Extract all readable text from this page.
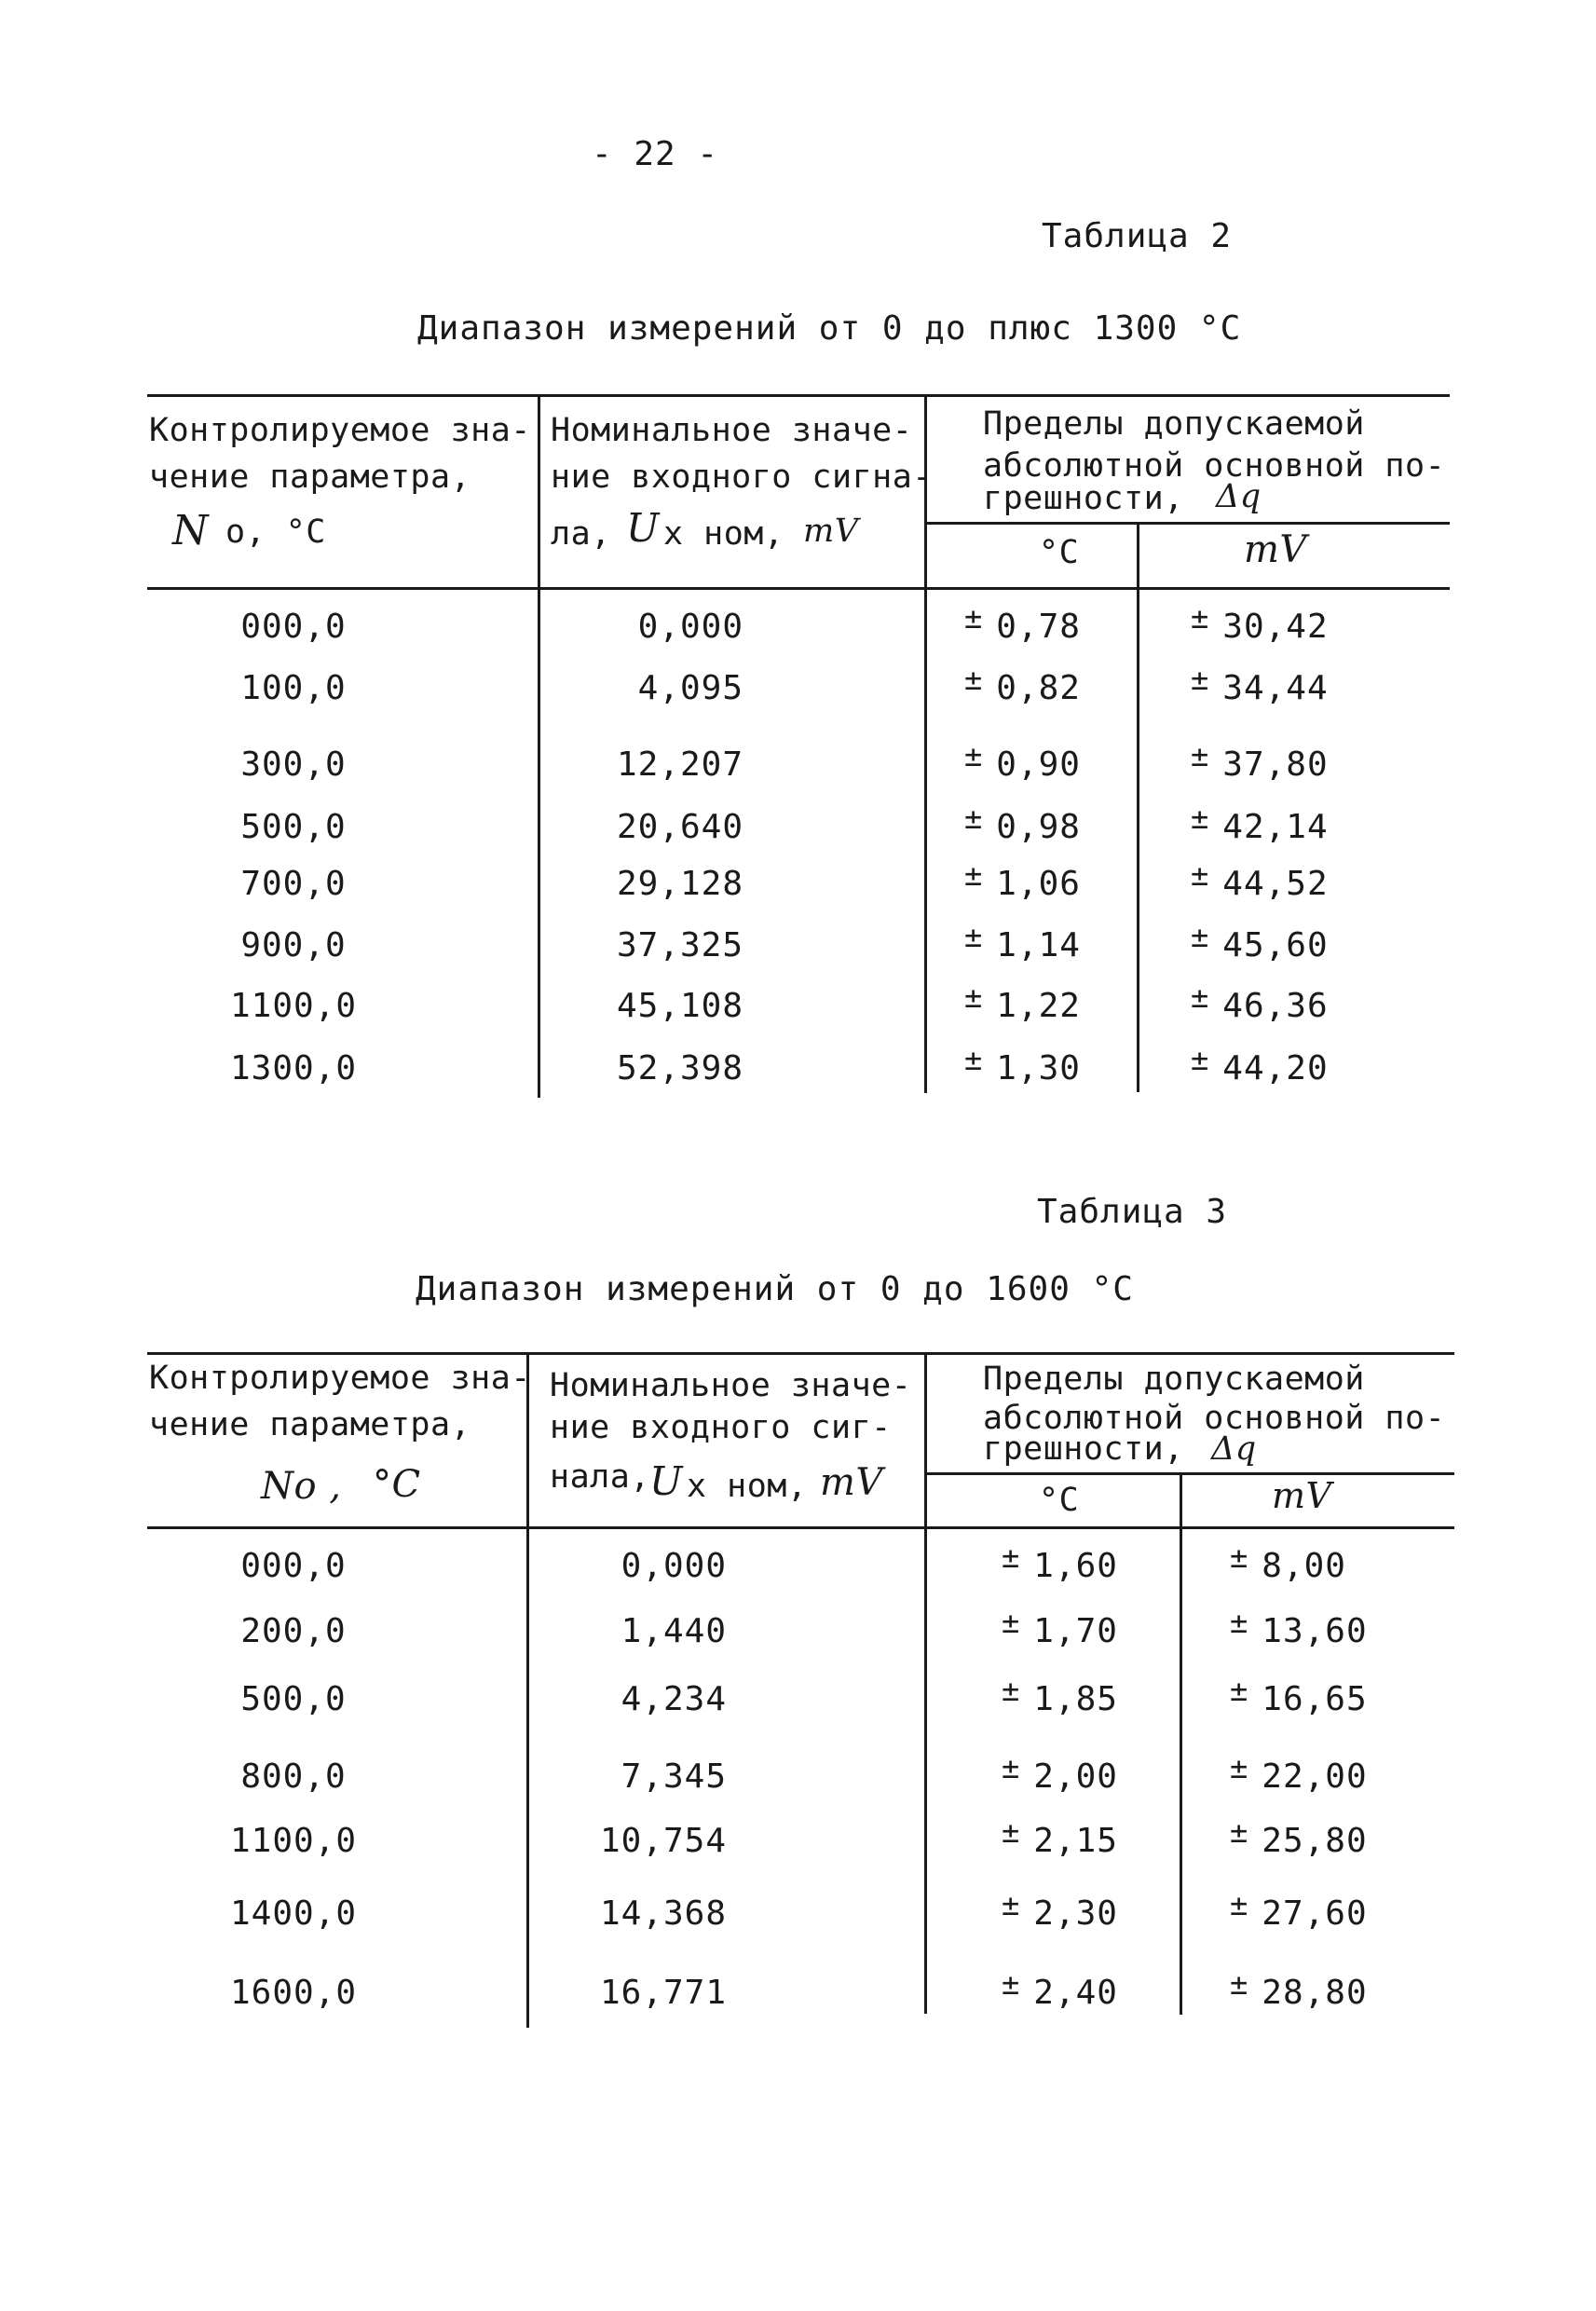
- 22 -
Таблица 2
Диапазон измерений от 0 до плюс 1300 °С
Контролируемое зна-
чение параметра,
N о, °С
Номинальное значе-
ние входного сигна-
ла, U х ном, mV
Пределы допускаемой
абсолютной основной по-
грешности, Δq
°С	mV
000,0	0,000	± 0,78	± 30,42
100,0	4,095	± 0,82	± 34,44
300,0	12,207	± 0,90	± 37,80
500,0	20,640	± 0,98	± 42,14
700,0	29,128	± 1,06	± 44,52
900,0	37,325	± 1,14	± 45,60
1100,0	45,108	± 1,22	± 46,36
1300,0	52,398	± 1,30	± 44,20
Таблица 3
Диапазон измерений от 0 до 1600 °С
Контролируемое зна-
чение параметра,
No , °C
Номинальное значе-
ние входного сиг-
нала, U х ном, mV
Пределы допускаемой
абсолютной основной по-
грешности, Δq
°С	mV
000,0	0,000	± 1,60	± 8,00
200,0	1,440	± 1,70	± 13,60
500,0	4,234	± 1,85	± 16,65
800,0	7,345	± 2,00	± 22,00
1100,0	10,754	± 2,15	± 25,80
1400,0	14,368	± 2,30	± 27,60
1600,0	16,771	± 2,40	± 28,80
